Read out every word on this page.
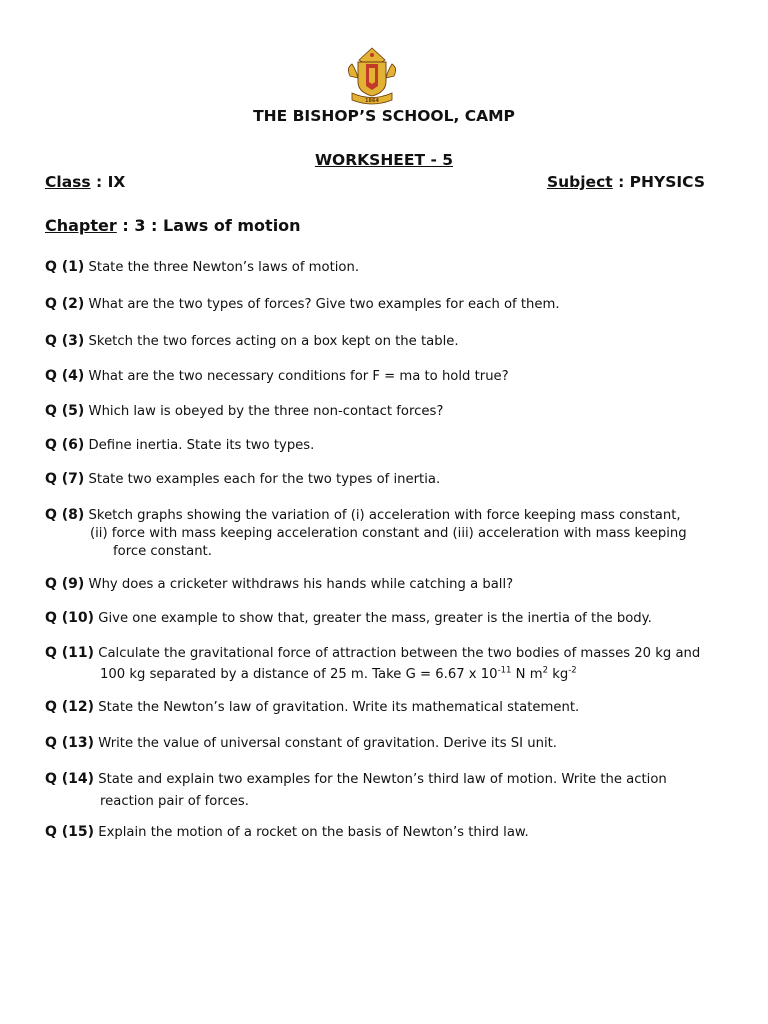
1864
THE BISHOP’S SCHOOL, CAMP
WORKSHEET - 5
Class : IX	Subject : PHYSICS
Chapter : 3 : Laws of motion
Q (1) State the three Newton’s laws of motion.
Q (2) What are the two types of forces? Give two examples for each of them.
Q (3) Sketch the two forces acting on a box kept on the table.
Q (4) What are the two necessary conditions for F = ma to hold true?
Q (5) Which law is obeyed by the three non-contact forces?
Q (6) Define inertia. State its two types.
Q (7) State two examples each for the two types of inertia.
Q (8) Sketch graphs showing the variation of (i) acceleration with force keeping mass constant,
(ii) force with mass keeping acceleration constant and (iii) acceleration with mass keeping
force constant.
Q (9) Why does a cricketer withdraws his hands while catching a ball?
Q (10) Give one example to show that, greater the mass, greater is the inertia of the body.
Q (11) Calculate the gravitational force of attraction between the two bodies of masses 20 kg and
100 kg separated by a distance of 25 m. Take G = 6.67 x $10^{-11}$ N $m^2$ $kg^{-2}$
Q (12) State the Newton’s law of gravitation. Write its mathematical statement.
Q (13) Write the value of universal constant of gravitation. Derive its SI unit.
Q (14) State and explain two examples for the Newton’s third law of motion. Write the action
reaction pair of forces.
Q (15) Explain the motion of a rocket on the basis of Newton’s third law.
